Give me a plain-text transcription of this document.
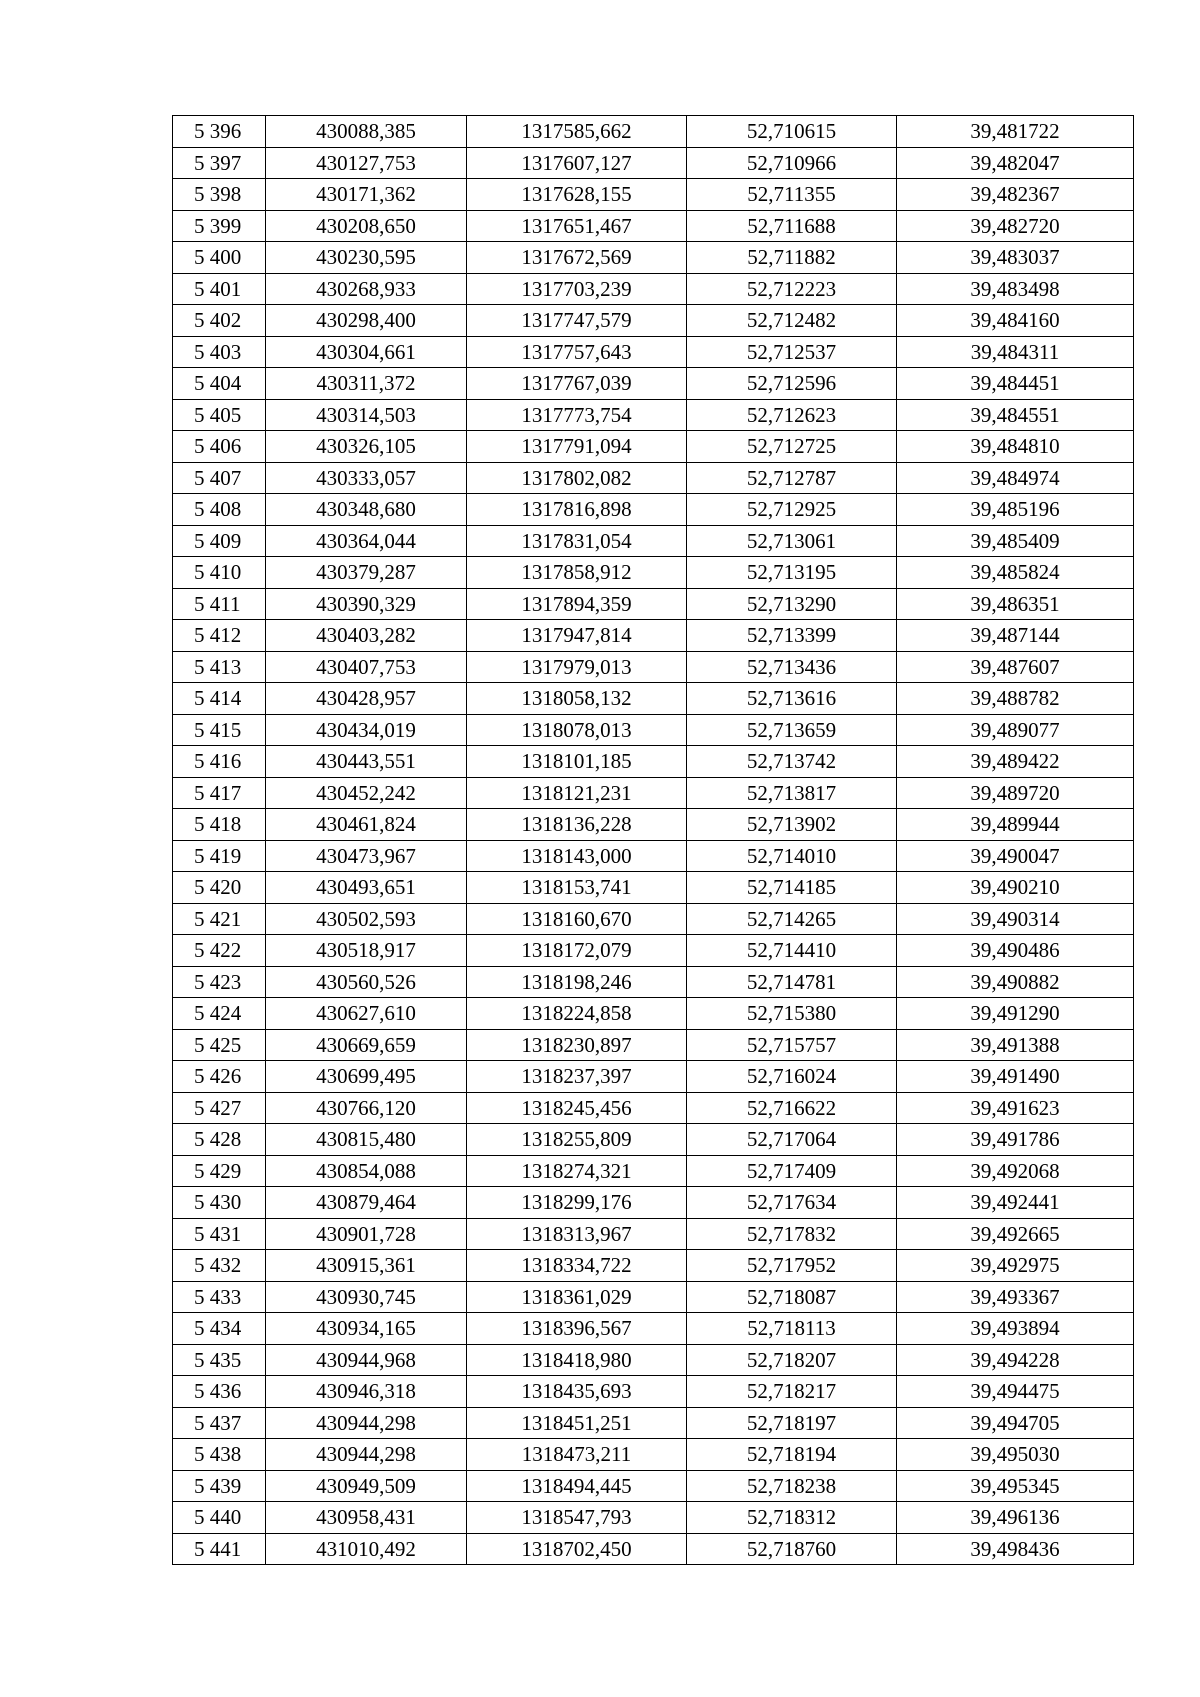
5 396	430088,385	1317585,662	52,710615	39,481722
5 397	430127,753	1317607,127	52,710966	39,482047
5 398	430171,362	1317628,155	52,711355	39,482367
5 399	430208,650	1317651,467	52,711688	39,482720
5 400	430230,595	1317672,569	52,711882	39,483037
5 401	430268,933	1317703,239	52,712223	39,483498
5 402	430298,400	1317747,579	52,712482	39,484160
5 403	430304,661	1317757,643	52,712537	39,484311
5 404	430311,372	1317767,039	52,712596	39,484451
5 405	430314,503	1317773,754	52,712623	39,484551
5 406	430326,105	1317791,094	52,712725	39,484810
5 407	430333,057	1317802,082	52,712787	39,484974
5 408	430348,680	1317816,898	52,712925	39,485196
5 409	430364,044	1317831,054	52,713061	39,485409
5 410	430379,287	1317858,912	52,713195	39,485824
5 411	430390,329	1317894,359	52,713290	39,486351
5 412	430403,282	1317947,814	52,713399	39,487144
5 413	430407,753	1317979,013	52,713436	39,487607
5 414	430428,957	1318058,132	52,713616	39,488782
5 415	430434,019	1318078,013	52,713659	39,489077
5 416	430443,551	1318101,185	52,713742	39,489422
5 417	430452,242	1318121,231	52,713817	39,489720
5 418	430461,824	1318136,228	52,713902	39,489944
5 419	430473,967	1318143,000	52,714010	39,490047
5 420	430493,651	1318153,741	52,714185	39,490210
5 421	430502,593	1318160,670	52,714265	39,490314
5 422	430518,917	1318172,079	52,714410	39,490486
5 423	430560,526	1318198,246	52,714781	39,490882
5 424	430627,610	1318224,858	52,715380	39,491290
5 425	430669,659	1318230,897	52,715757	39,491388
5 426	430699,495	1318237,397	52,716024	39,491490
5 427	430766,120	1318245,456	52,716622	39,491623
5 428	430815,480	1318255,809	52,717064	39,491786
5 429	430854,088	1318274,321	52,717409	39,492068
5 430	430879,464	1318299,176	52,717634	39,492441
5 431	430901,728	1318313,967	52,717832	39,492665
5 432	430915,361	1318334,722	52,717952	39,492975
5 433	430930,745	1318361,029	52,718087	39,493367
5 434	430934,165	1318396,567	52,718113	39,493894
5 435	430944,968	1318418,980	52,718207	39,494228
5 436	430946,318	1318435,693	52,718217	39,494475
5 437	430944,298	1318451,251	52,718197	39,494705
5 438	430944,298	1318473,211	52,718194	39,495030
5 439	430949,509	1318494,445	52,718238	39,495345
5 440	430958,431	1318547,793	52,718312	39,496136
5 441	431010,492	1318702,450	52,718760	39,498436
